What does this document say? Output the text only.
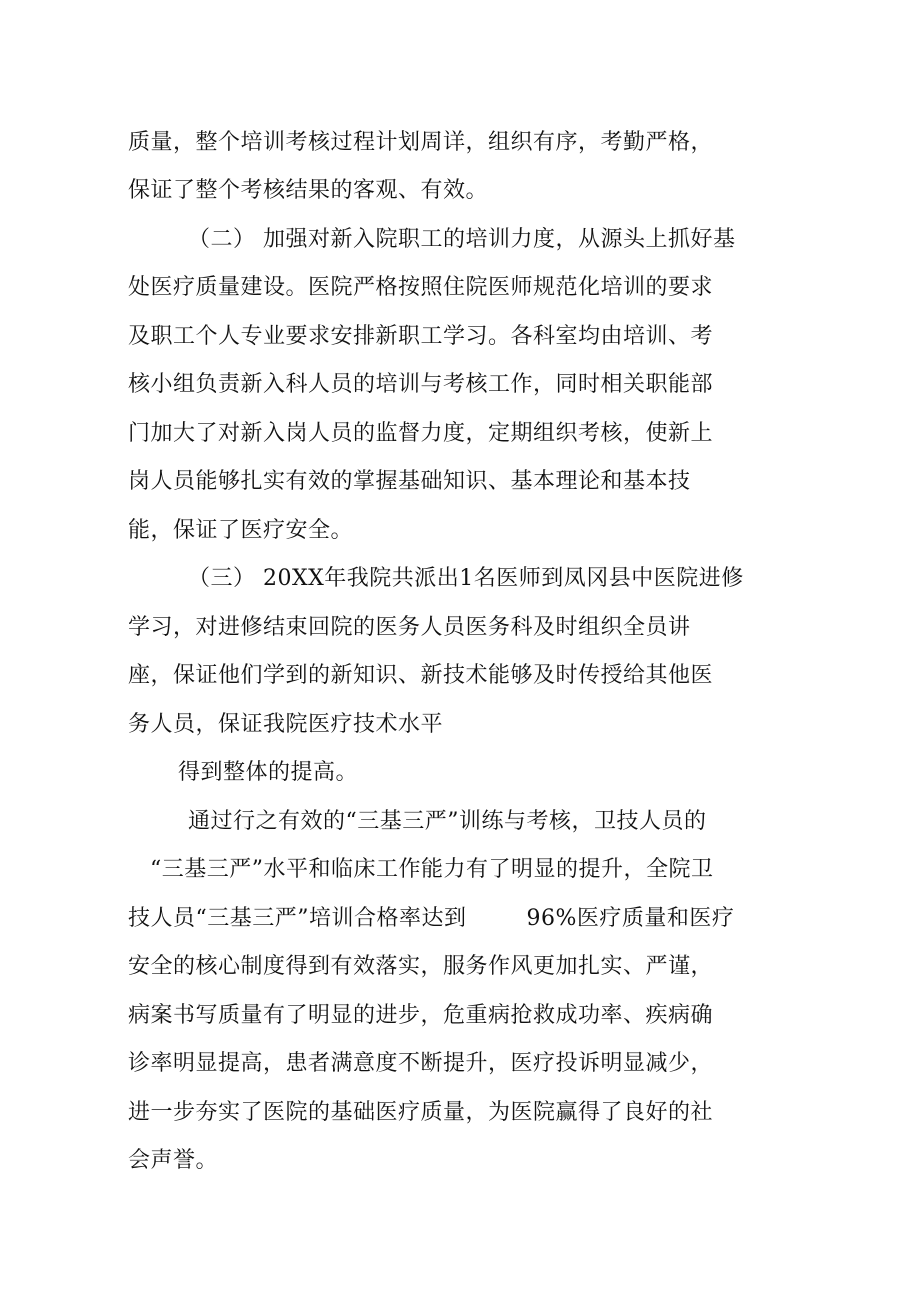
质量，整个培训考核过程计划周详，组织有序，考勤严格，
保证了整个考核结果的客观、有效。
（二） 加强对新入院职工的培训力度，从源头上抓好基
处医疗质量建设。医院严格按照住院医师规范化培训的要求
及职工个人专业要求安排新职工学习。各科室均由培训、考
核小组负责新入科人员的培训与考核工作，同时相关职能部
门加大了对新入岗人员的监督力度，定期组织考核，使新上
岗人员能够扎实有效的掌握基础知识、基本理论和基本技
能，保证了医疗安全。
（三） 20XX年我院共派出1名医师到凤冈县中医院进修
学习，对进修结束回院的医务人员医务科及时组织全员讲
座，保证他们学到的新知识、新技术能够及时传授给其他医
务人员，保证我院医疗技术水平
得到整体的提高。
通过行之有效的“三基三严”训练与考核，卫技人员的
“三基三严”水平和临床工作能力有了明显的提升，全院卫
技人员“三基三严”培训合格率达到	96%医疗质量和医疗
安全的核心制度得到有效落实，服务作风更加扎实、严谨，
病案书写质量有了明显的进步，危重病抢救成功率、疾病确
诊率明显提高，患者满意度不断提升，医疗投诉明显减少，
进一步夯实了医院的基础医疗质量，为医院赢得了良好的社
会声誉。
